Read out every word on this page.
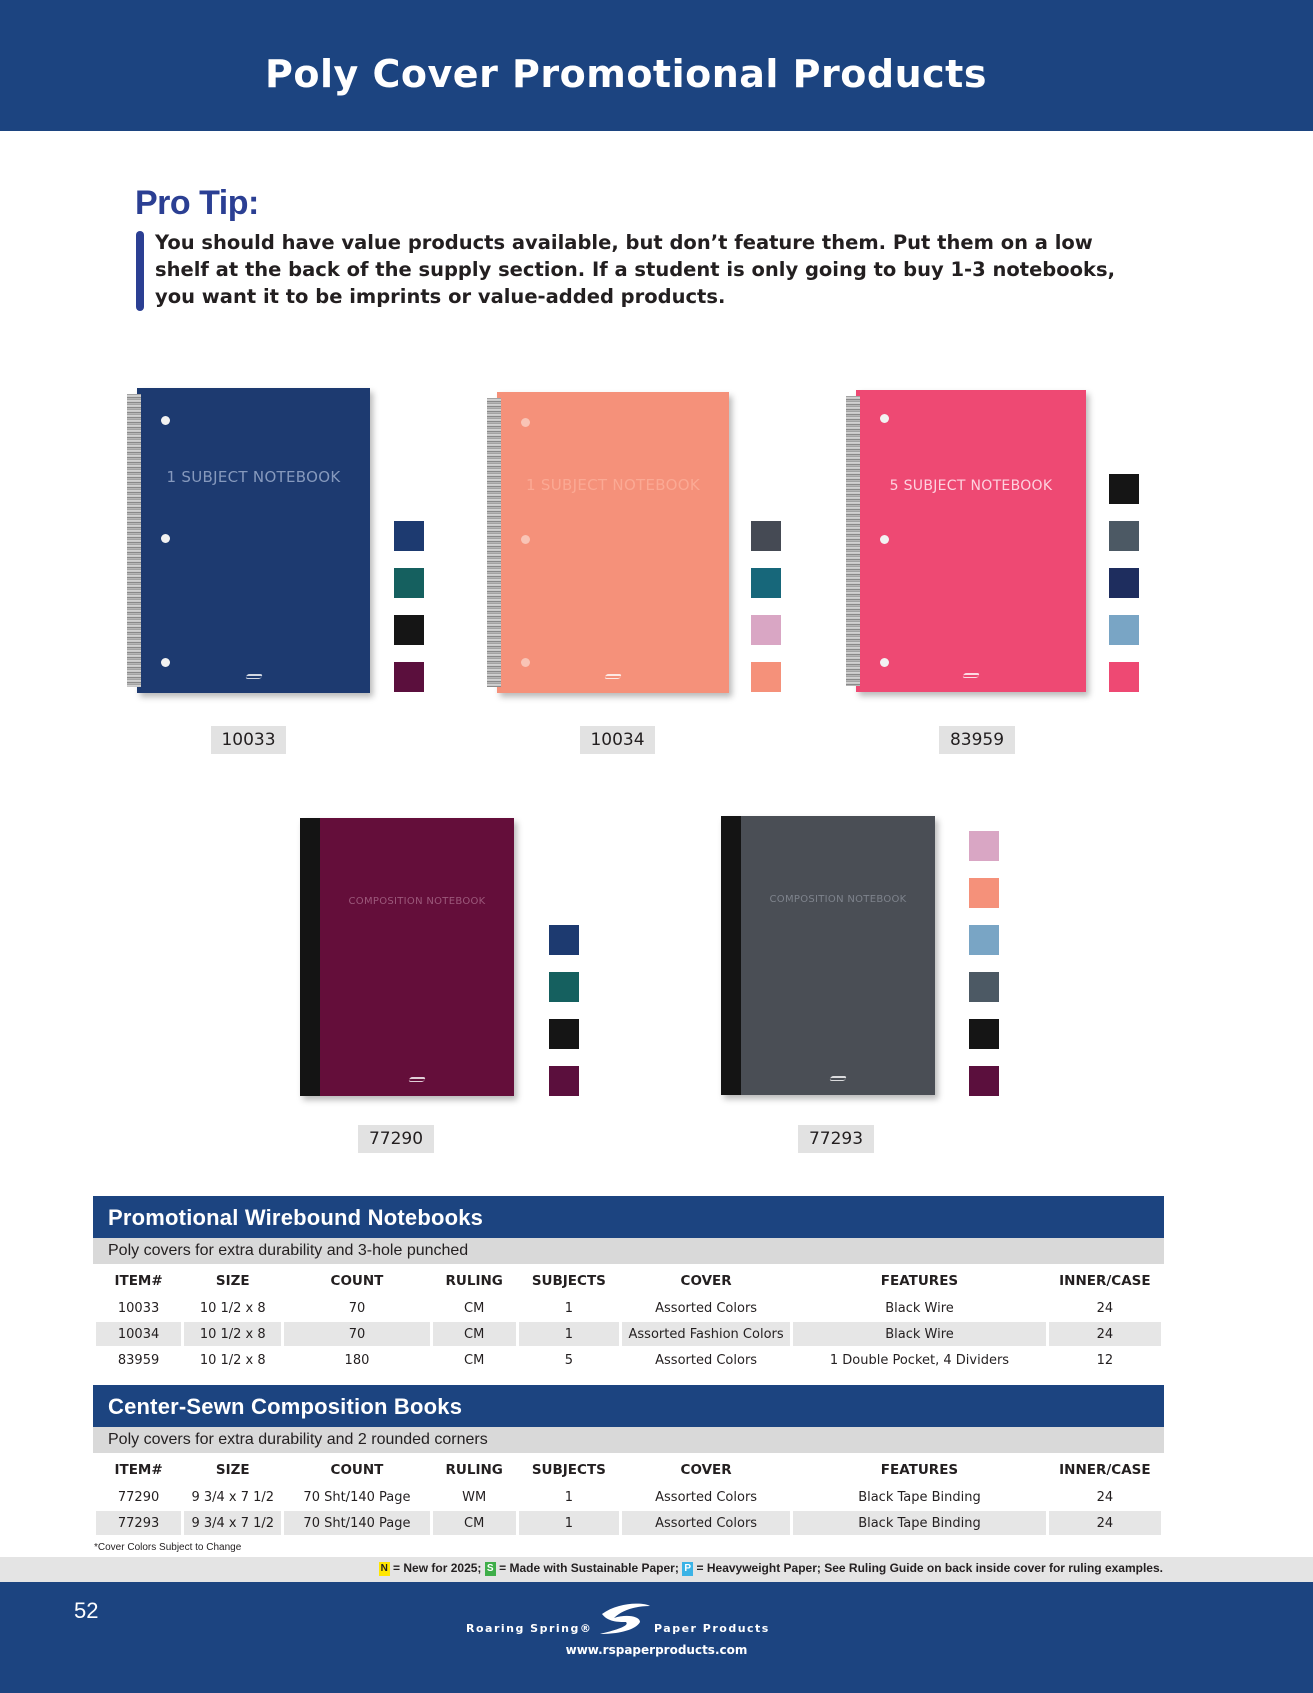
Poly Cover Promotional Products
Pro Tip:
You should have value products available, but don’t feature them. Put them on a low shelf at the back of the supply section. If a student is only going to buy 1-3 notebooks, you want it to be imprints or value-added products.
1 SUBJECT NOTEBOOK
10033
1 SUBJECT NOTEBOOK
10034
5 SUBJECT NOTEBOOK
83959
COMPOSITION NOTEBOOK
77290
COMPOSITION NOTEBOOK
77293
Promotional Wirebound Notebooks
Poly covers for extra durability and 3-hole punched
ITEM#	SIZE	COUNT	RULING	SUBJECTS	COVER	FEATURES	INNER/CASE
10033	10 1/2 x 8	70	CM	1	Assorted Colors	Black Wire	24
10034	10 1/2 x 8	70	CM	1	Assorted Fashion Colors	Black Wire	24
83959	10 1/2 x 8	180	CM	5	Assorted Colors	1 Double Pocket, 4 Dividers	12
Center-Sewn Composition Books
Poly covers for extra durability and 2 rounded corners
ITEM#	SIZE	COUNT	RULING	SUBJECTS	COVER	FEATURES	INNER/CASE
77290	9 3/4 x 7 1/2	70 Sht/140 Page	WM	1	Assorted Colors	Black Tape Binding	24
77293	9 3/4 x 7 1/2	70 Sht/140 Page	CM	1	Assorted Colors	Black Tape Binding	24
*Cover Colors Subject to Change
N = New for 2025; S = Made with Sustainable Paper; P = Heavyweight Paper; See Ruling Guide on back inside cover for ruling examples.
52
Roaring Spring®	Paper Products
www.rspaperproducts.com
